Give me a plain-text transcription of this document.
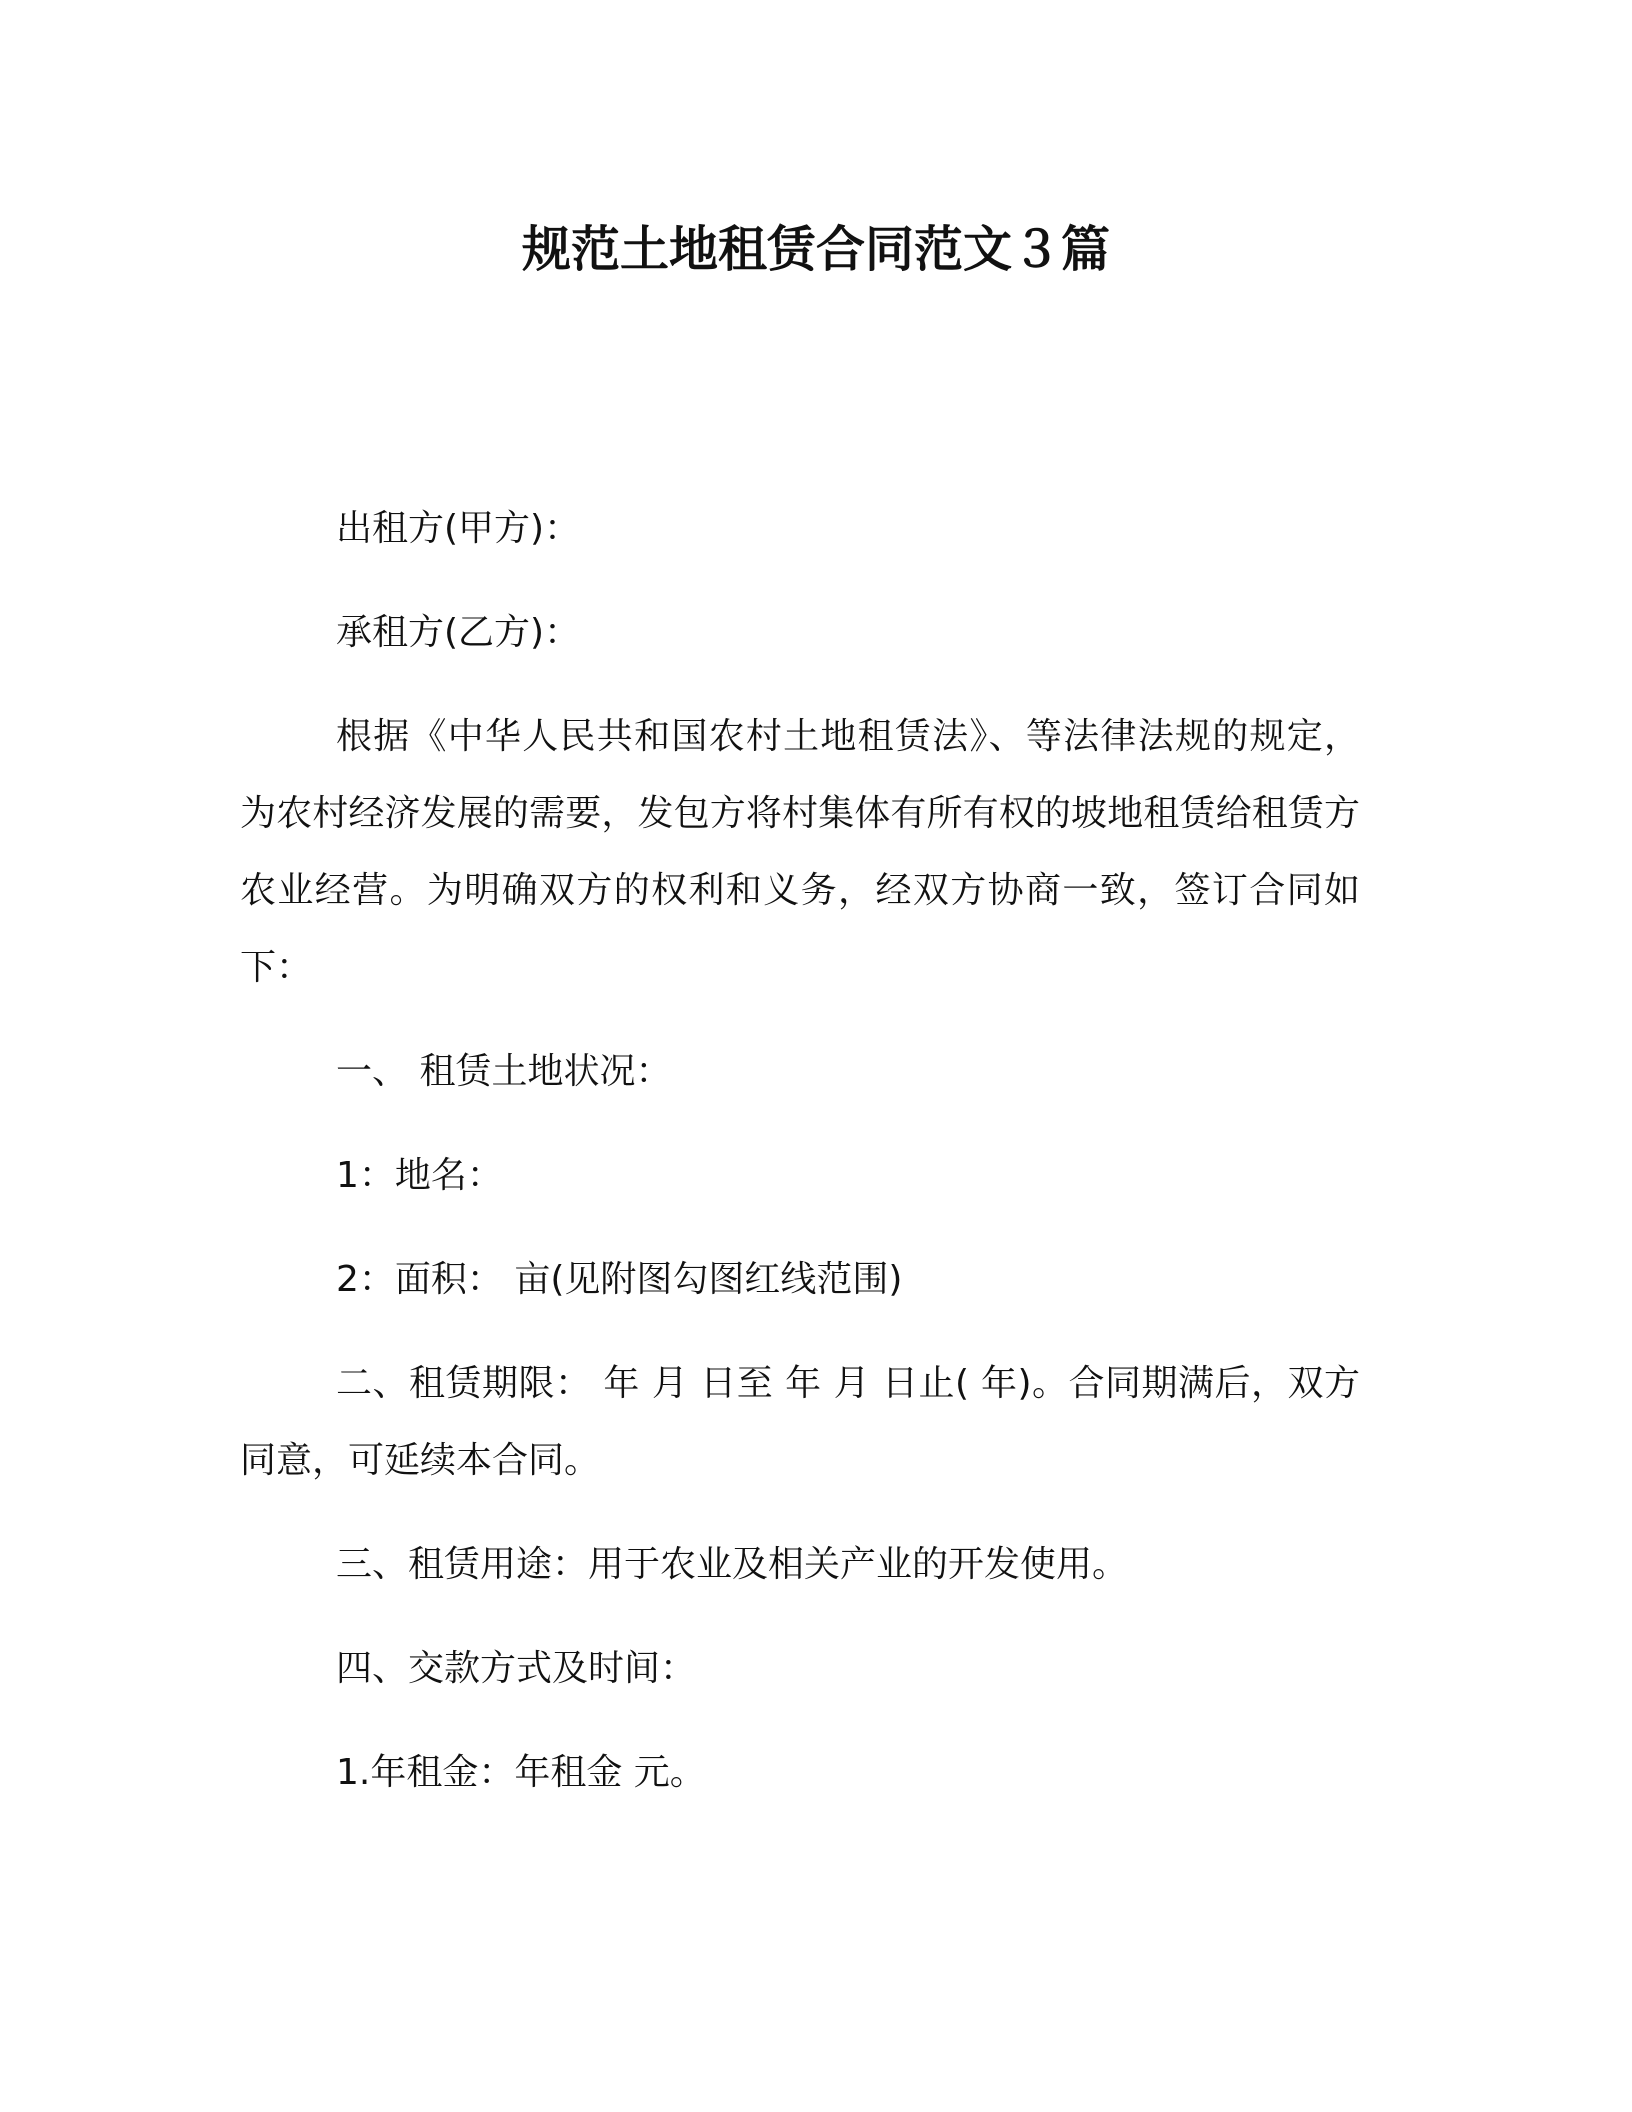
规范土地租赁合同范文３篇

出租方(甲方)：

承租方(乙方)：

根据《中华人民共和国农村土地租赁法》、等法律法规的规定，为农村经济发展的需要，发包方将村集体有所有权的坡地租赁给租赁方农业经营。为明确双方的权利和义务，经双方协商一致，签订合同如下：

一、 租赁土地状况：

1：地名：

2：面积： 亩(见附图勾图红线范围)

二、租赁期限： 年 月 日至 年 月 日止( 年)。合同期满后，双方同意，可延续本合同。

三、租赁用途：用于农业及相关产业的开发使用。

四、交款方式及时间：

1.年租金：年租金 元。
